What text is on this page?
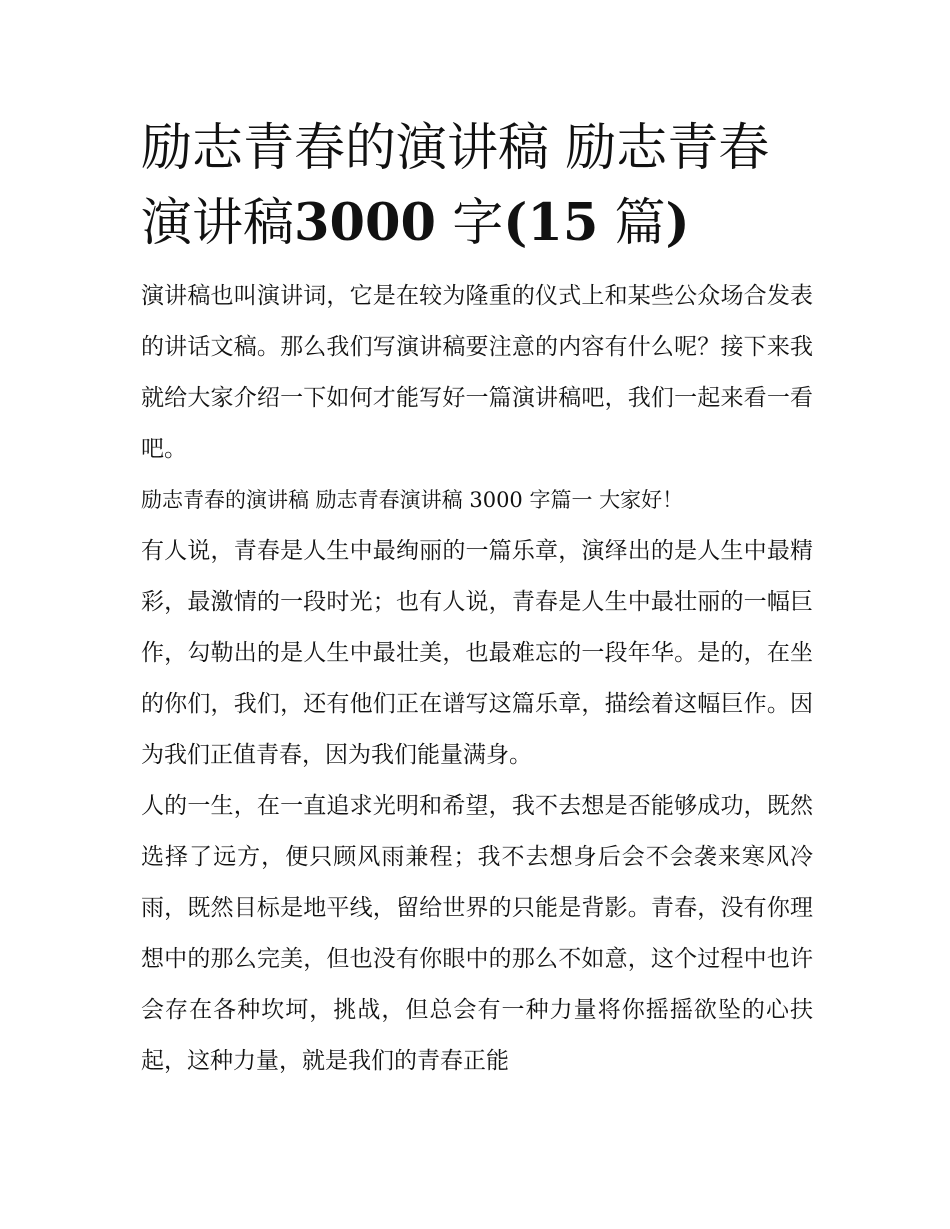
励志青春的演讲稿 励志青春演讲稿3000 字(15 篇)

演讲稿也叫演讲词，它是在较为隆重的仪式上和某些公众场合发表的讲话文稿。那么我们写演讲稿要注意的内容有什么呢？接下来我就给大家介绍一下如何才能写好一篇演讲稿吧，我们一起来看一看吧。

励志青春的演讲稿 励志青春演讲稿 3000 字篇一 大家好！

有人说，青春是人生中最绚丽的一篇乐章，演绎出的是人生中最精彩，最激情的一段时光；也有人说，青春是人生中最壮丽的一幅巨作，勾勒出的是人生中最壮美，也最难忘的一段年华。是的，在坐的你们，我们，还有他们正在谱写这篇乐章，描绘着这幅巨作。因为我们正值青春，因为我们能量满身。

人的一生，在一直追求光明和希望，我不去想是否能够成功，既然选择了远方，便只顾风雨兼程；我不去想身后会不会袭来寒风冷雨，既然目标是地平线，留给世界的只能是背影。青春，没有你理想中的那么完美，但也没有你眼中的那么不如意，这个过程中也许会存在各种坎坷，挑战，但总会有一种力量将你摇摇欲坠的心扶起，这种力量，就是我们的青春正能
